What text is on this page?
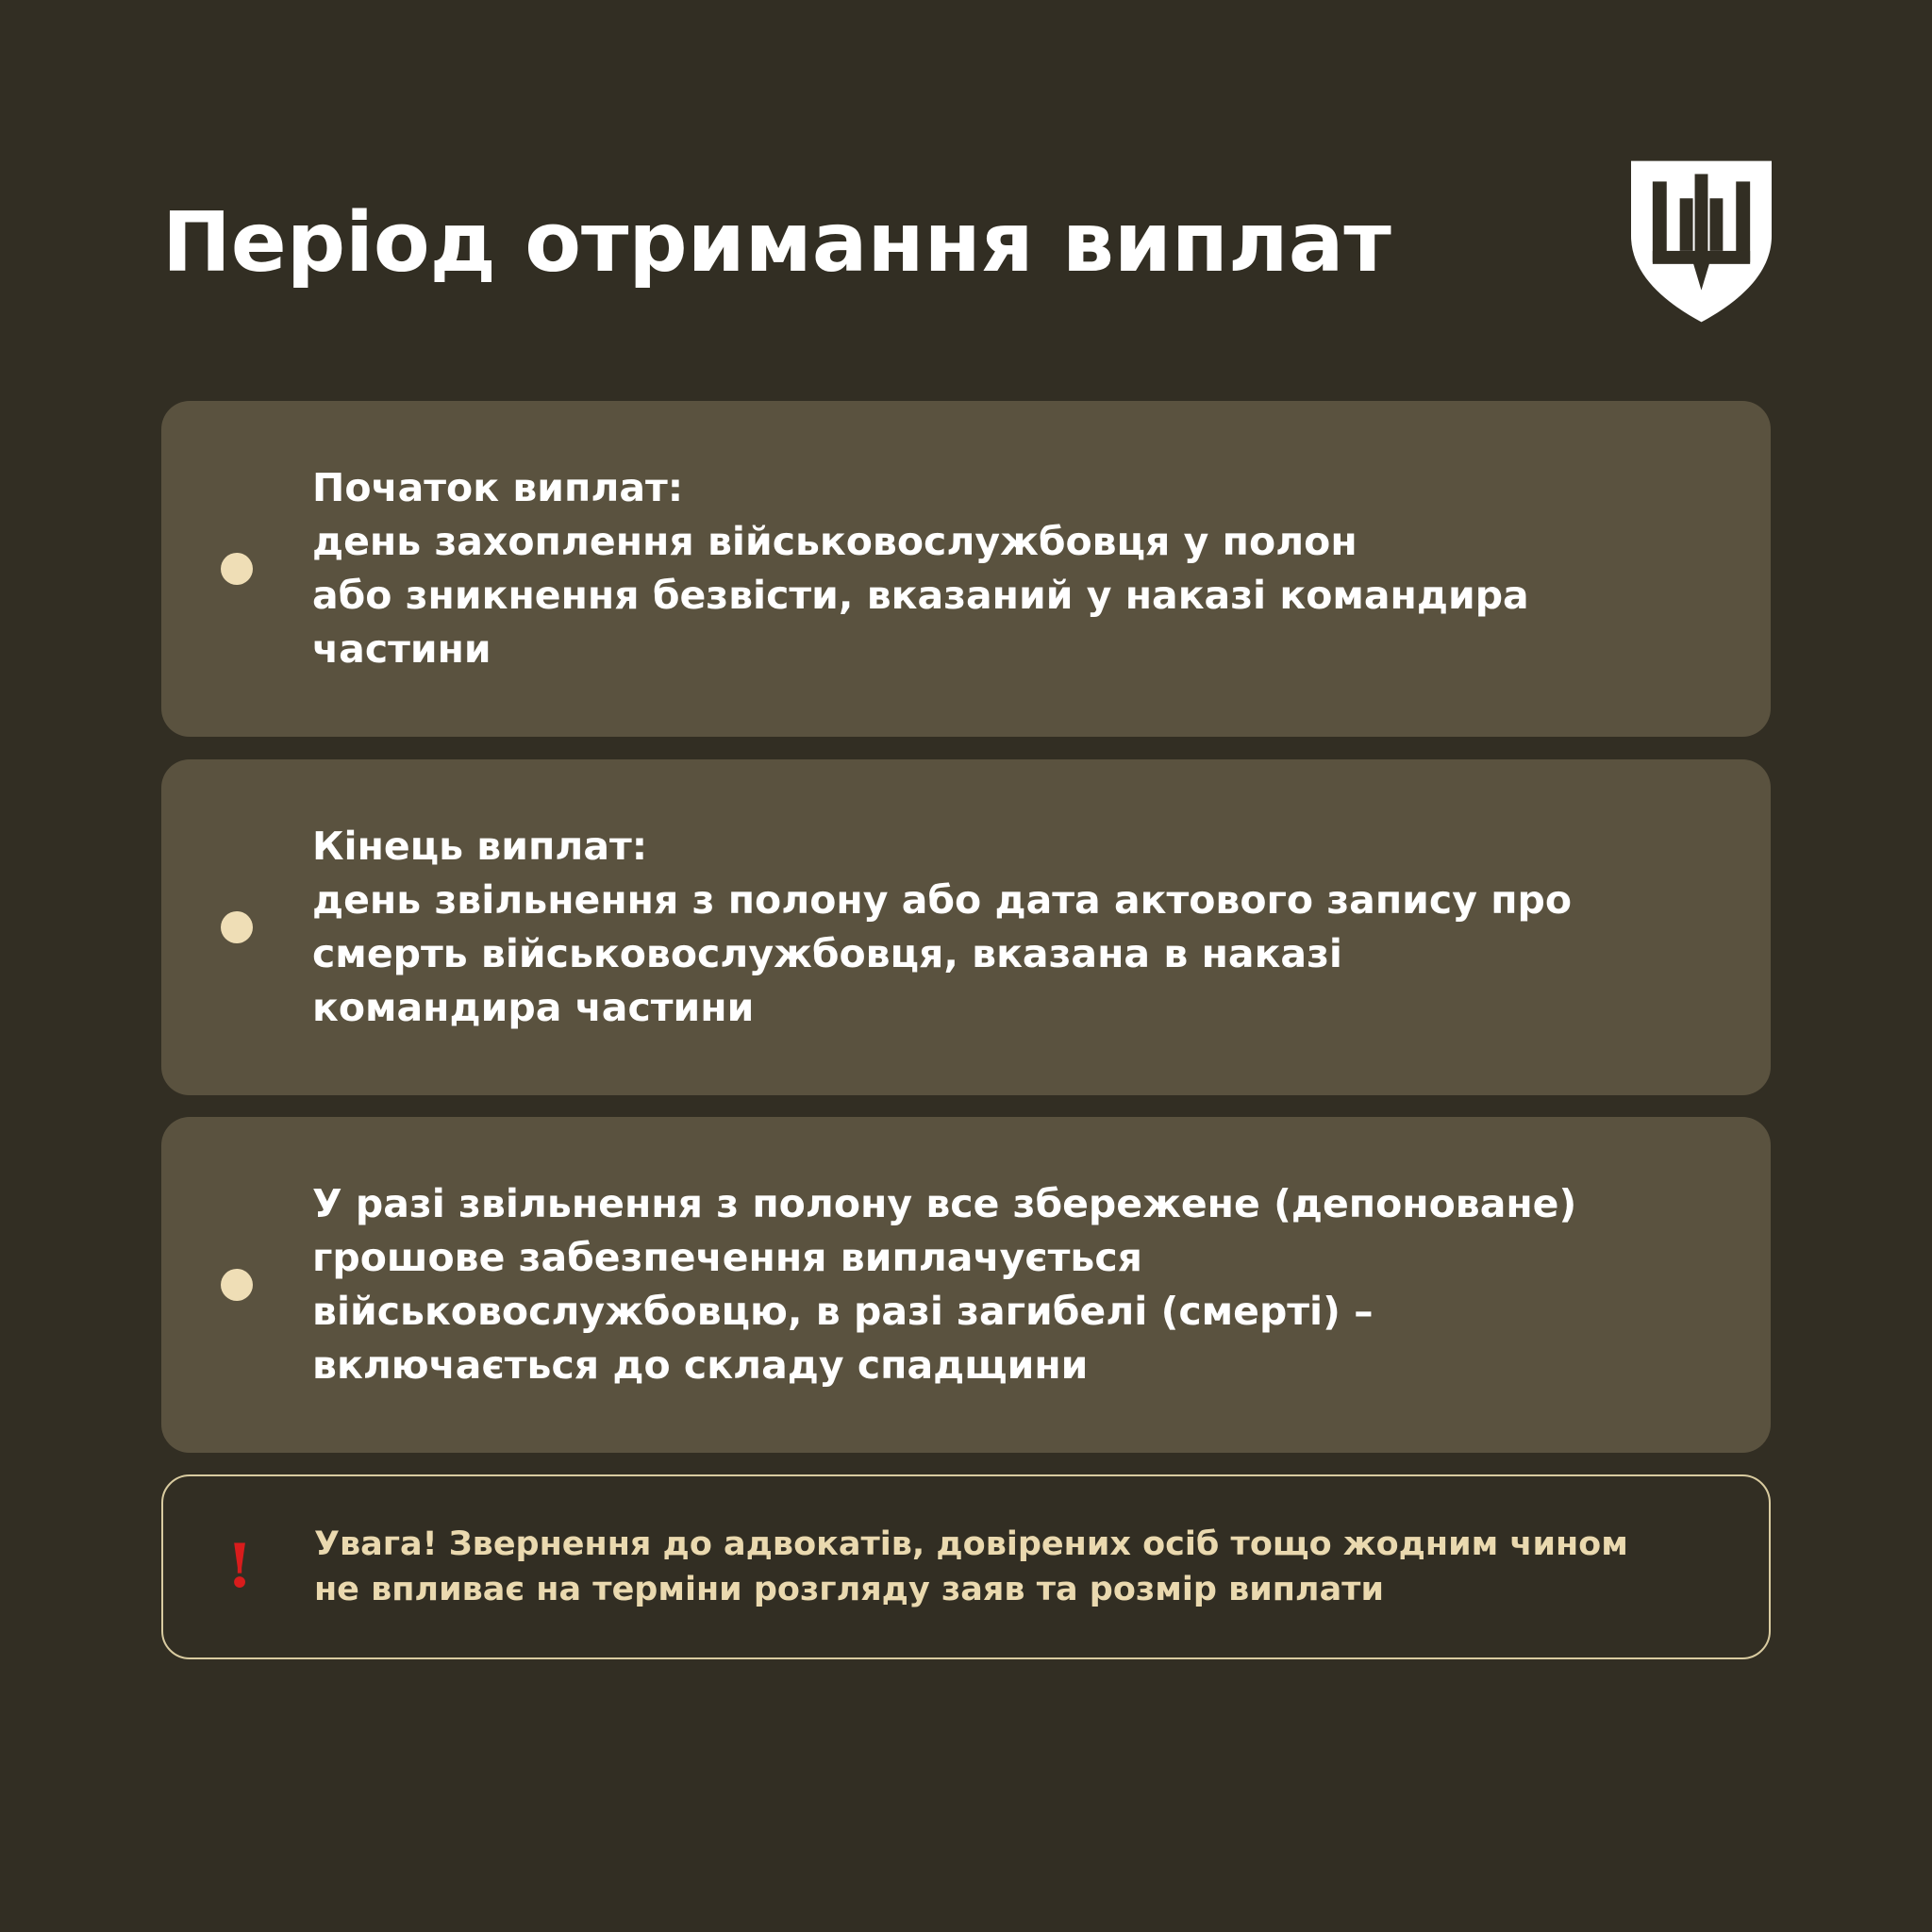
Період отримання виплат

Початок виплат:
день захоплення військовослужбовця у полон
або зникнення безвісти, вказаний у наказі командира
частини

Кінець виплат:
день звільнення з полону або дата актового запису про
смерть військовослужбовця, вказана в наказі
командира частини

У разі звільнення з полону все збережене (депоноване)
грошове забезпечення виплачується
військовослужбовцю, в разі загибелі (смерті) –
включається до складу спадщини

! Увага! Звернення до адвокатів, довірених осіб тощо жодним чином
не впливає на терміни розгляду заяв та розмір виплати
